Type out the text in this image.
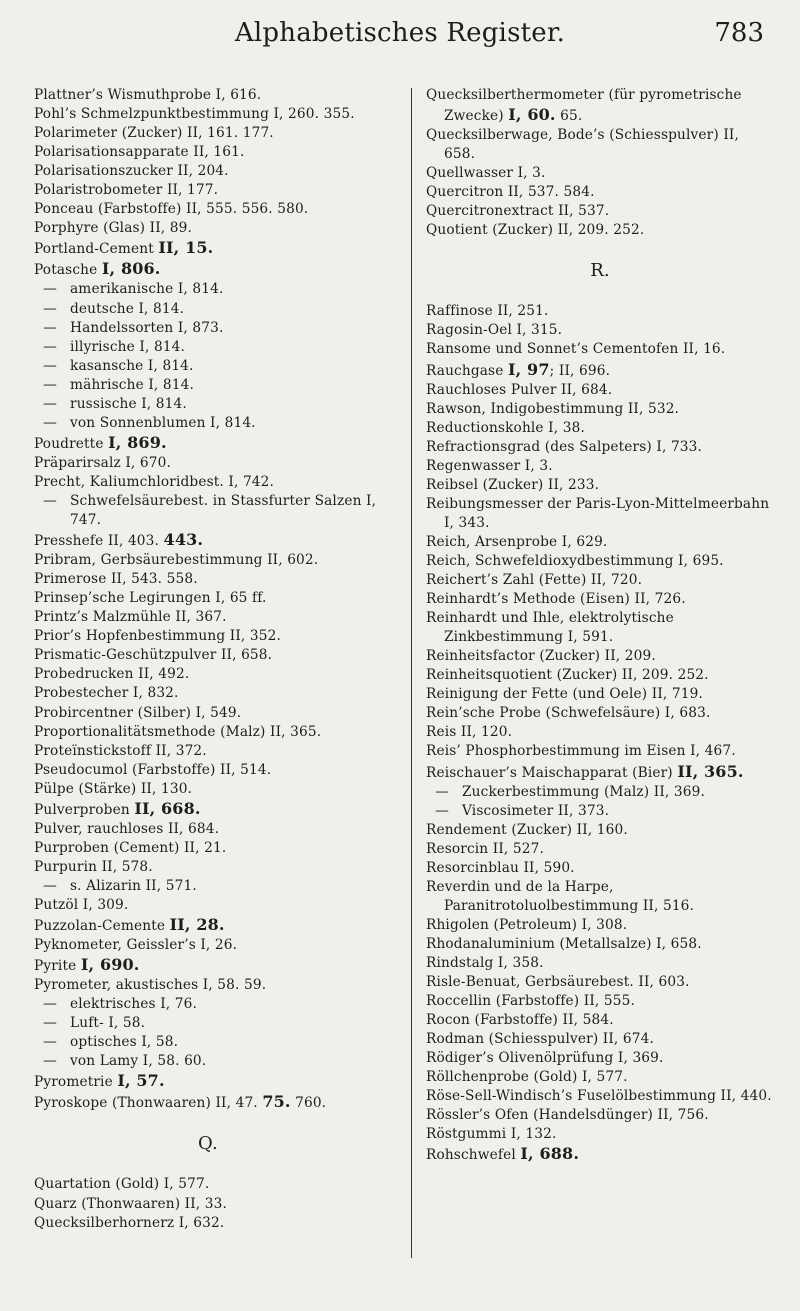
Alphabetisches Register.	783
Plattner’s Wismuthprobe I, 616.
Pohl’s Schmelzpunktbestimmung I, 260. 355.
Polarimeter (Zucker) II, 161. 177.
Polarisationsapparate II, 161.
Polarisationszucker II, 204.
Polaristrobometer II, 177.
Ponceau (Farbstoffe) II, 555. 556. 580.
Porphyre (Glas) II, 89.
Portland-Cement II, 15.
Potasche I, 806.
— amerikanische I, 814.
— deutsche I, 814.
— Handelssorten I, 873.
— illyrische I, 814.
— kasansche I, 814.
— mährische I, 814.
— russische I, 814.
— von Sonnenblumen I, 814.
Poudrette I, 869.
Präparirsalz I, 670.
Precht, Kaliumchloridbest. I, 742.
— Schwefelsäurebest. in Stassfurter Salzen I, 747.
Presshefe II, 403. 443.
Pribram, Gerbsäurebestimmung II, 602.
Primerose II, 543. 558.
Prinsep’sche Legirungen I, 65 ff.
Printz’s Malzmühle II, 367.
Prior’s Hopfenbestimmung II, 352.
Prismatic-Geschützpulver II, 658.
Probedrucken II, 492.
Probestecher I, 832.
Probircentner (Silber) I, 549.
Proportionalitätsmethode (Malz) II, 365.
Proteïnstickstoff II, 372.
Pseudocumol (Farbstoffe) II, 514.
Pülpe (Stärke) II, 130.
Pulverproben II, 668.
Pulver, rauchloses II, 684.
Purproben (Cement) II, 21.
Purpurin II, 578.
— s. Alizarin II, 571.
Putzöl I, 309.
Puzzolan-Cemente II, 28.
Pyknometer, Geissler’s I, 26.
Pyrite I, 690.
Pyrometer, akustisches I, 58. 59.
— elektrisches I, 76.
— Luft- I, 58.
— optisches I, 58.
— von Lamy I, 58. 60.
Pyrometrie I, 57.
Pyroskope (Thonwaaren) II, 47. 75. 760.
Q.
Quartation (Gold) I, 577.
Quarz (Thonwaaren) II, 33.
Quecksilberhornerz I, 632.
Quecksilberthermometer (für pyrometrische Zwecke) I, 60. 65.
Quecksilberwage, Bode’s (Schiesspulver) II, 658.
Quellwasser I, 3.
Quercitron II, 537. 584.
Quercitronextract II, 537.
Quotient (Zucker) II, 209. 252.
R.
Raffinose II, 251.
Ragosin-Oel I, 315.
Ransome und Sonnet’s Cementofen II, 16.
Rauchgase I, 97; II, 696.
Rauchloses Pulver II, 684.
Rawson, Indigobestimmung II, 532.
Reductionskohle I, 38.
Refractionsgrad (des Salpeters) I, 733.
Regenwasser I, 3.
Reibsel (Zucker) II, 233.
Reibungsmesser der Paris-Lyon-Mittelmeerbahn I, 343.
Reich, Arsenprobe I, 629.
Reich, Schwefeldioxydbestimmung I, 695.
Reichert’s Zahl (Fette) II, 720.
Reinhardt’s Methode (Eisen) II, 726.
Reinhardt und Ihle, elektrolytische Zinkbestimmung I, 591.
Reinheitsfactor (Zucker) II, 209.
Reinheitsquotient (Zucker) II, 209. 252.
Reinigung der Fette (und Oele) II, 719.
Rein’sche Probe (Schwefelsäure) I, 683.
Reis II, 120.
Reis’ Phosphorbestimmung im Eisen I, 467.
Reischauer’s Maischapparat (Bier) II, 365.
— Zuckerbestimmung (Malz) II, 369.
— Viscosimeter II, 373.
Rendement (Zucker) II, 160.
Resorcin II, 527.
Resorcinblau II, 590.
Reverdin und de la Harpe, Paranitrotoluolbestimmung II, 516.
Rhigolen (Petroleum) I, 308.
Rhodanaluminium (Metallsalze) I, 658.
Rindstalg I, 358.
Risle-Benuat, Gerbsäurebest. II, 603.
Roccellin (Farbstoffe) II, 555.
Rocon (Farbstoffe) II, 584.
Rodman (Schiesspulver) II, 674.
Rödiger’s Olivenölprüfung I, 369.
Röllchenprobe (Gold) I, 577.
Röse-Sell-Windisch’s Fuselölbestimmung II, 440.
Rössler’s Ofen (Handelsdünger) II, 756.
Röstgummi I, 132.
Rohschwefel I, 688.
